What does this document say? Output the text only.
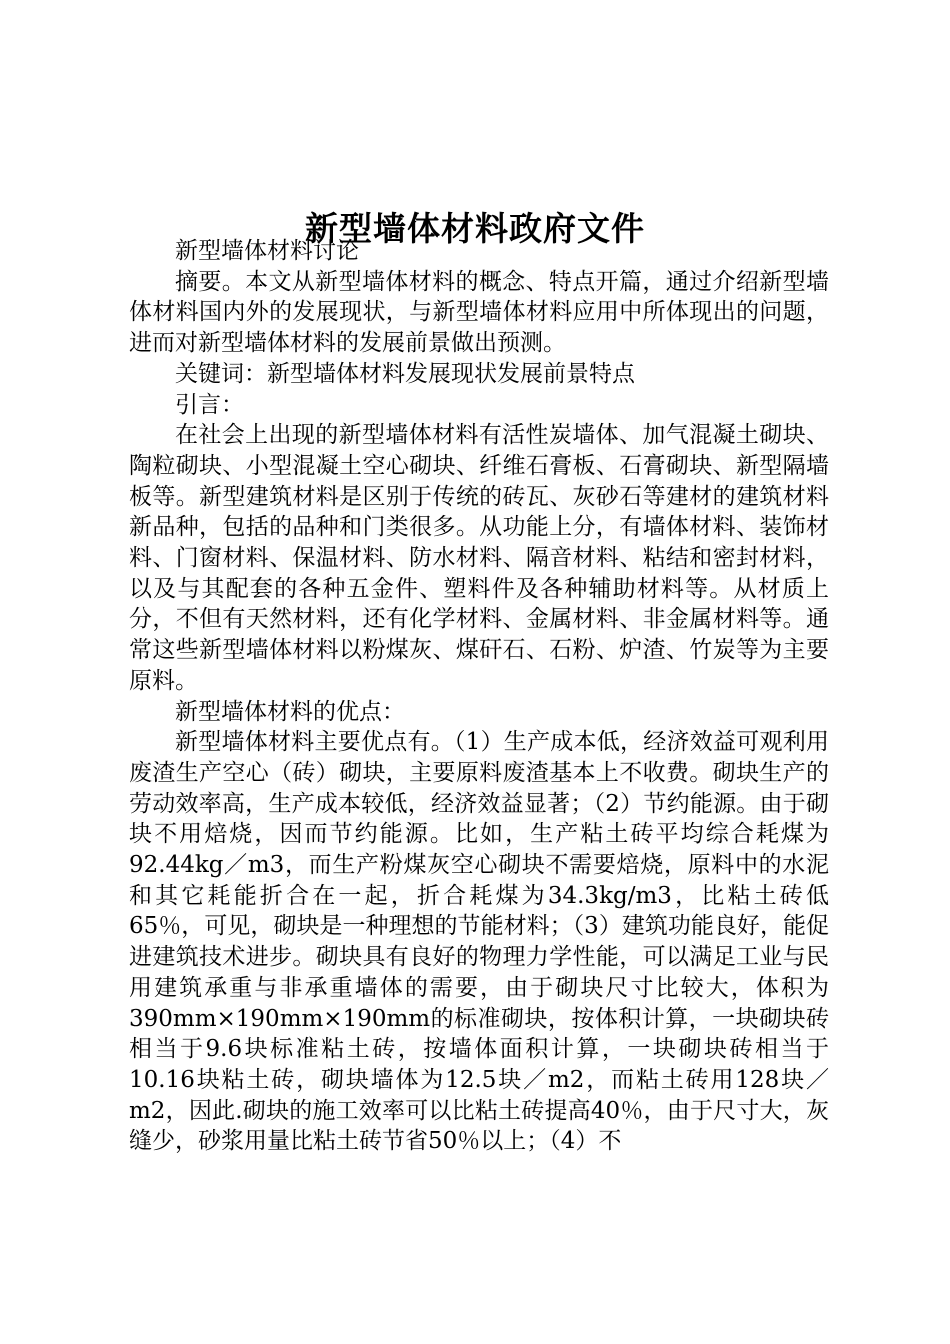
新型墙体材料政府文件

新型墙体材料讨论

摘要。本文从新型墙体材料的概念、特点开篇，通过介绍新型墙体材料国内外的发展现状，与新型墙体材料应用中所体现出的问题，进而对新型墙体材料的发展前景做出预测。

关键词：新型墙体材料发展现状发展前景特点

引言：

在社会上出现的新型墙体材料有活性炭墙体、加气混凝土砌块、陶粒砌块、小型混凝土空心砌块、纤维石膏板、石膏砌块、新型隔墙板等。新型建筑材料是区别于传统的砖瓦、灰砂石等建材的建筑材料新品种，包括的品种和门类很多。从功能上分，有墙体材料、装饰材料、门窗材料、保温材料、防水材料、隔音材料、粘结和密封材料，以及与其配套的各种五金件、塑料件及各种辅助材料等。从材质上分，不但有天然材料，还有化学材料、金属材料、非金属材料等。通常这些新型墙体材料以粉煤灰、煤矸石、石粉、炉渣、竹炭等为主要原料。

新型墙体材料的优点：

新型墙体材料主要优点有。（1）生产成本低，经济效益可观利用废渣生产空心（砖）砌块，主要原料废渣基本上不收费。砌块生产的劳动效率高，生产成本较低，经济效益显著；（2）节约能源。由于砌块不用焙烧，因而节约能源。比如，生产粘土砖平均综合耗煤为92.44kg／m3，而生产粉煤灰空心砌块不需要焙烧，原料中的水泥和其它耗能折合在一起，折合耗煤为34.3kg/m3，比粘土砖低65％，可见，砌块是一种理想的节能材料；（3）建筑功能良好，能促进建筑技术进步。砌块具有良好的物理力学性能，可以满足工业与民用建筑承重与非承重墙体的需要，由于砌块尺寸比较大，体积为390mm×190mm×190mm的标准砌块，按体积计算，一块砌块砖相当于9.6块标准粘土砖，按墙体面积计算，一块砌块砖相当于10.16块粘土砖，砌块墙体为12.5块／m2，而粘土砖用128块／m2，因此.砌块的施工效率可以比粘土砖提高40％，由于尺寸大，灰缝少，砂浆用量比粘土砖节省50％以上；（4）不
